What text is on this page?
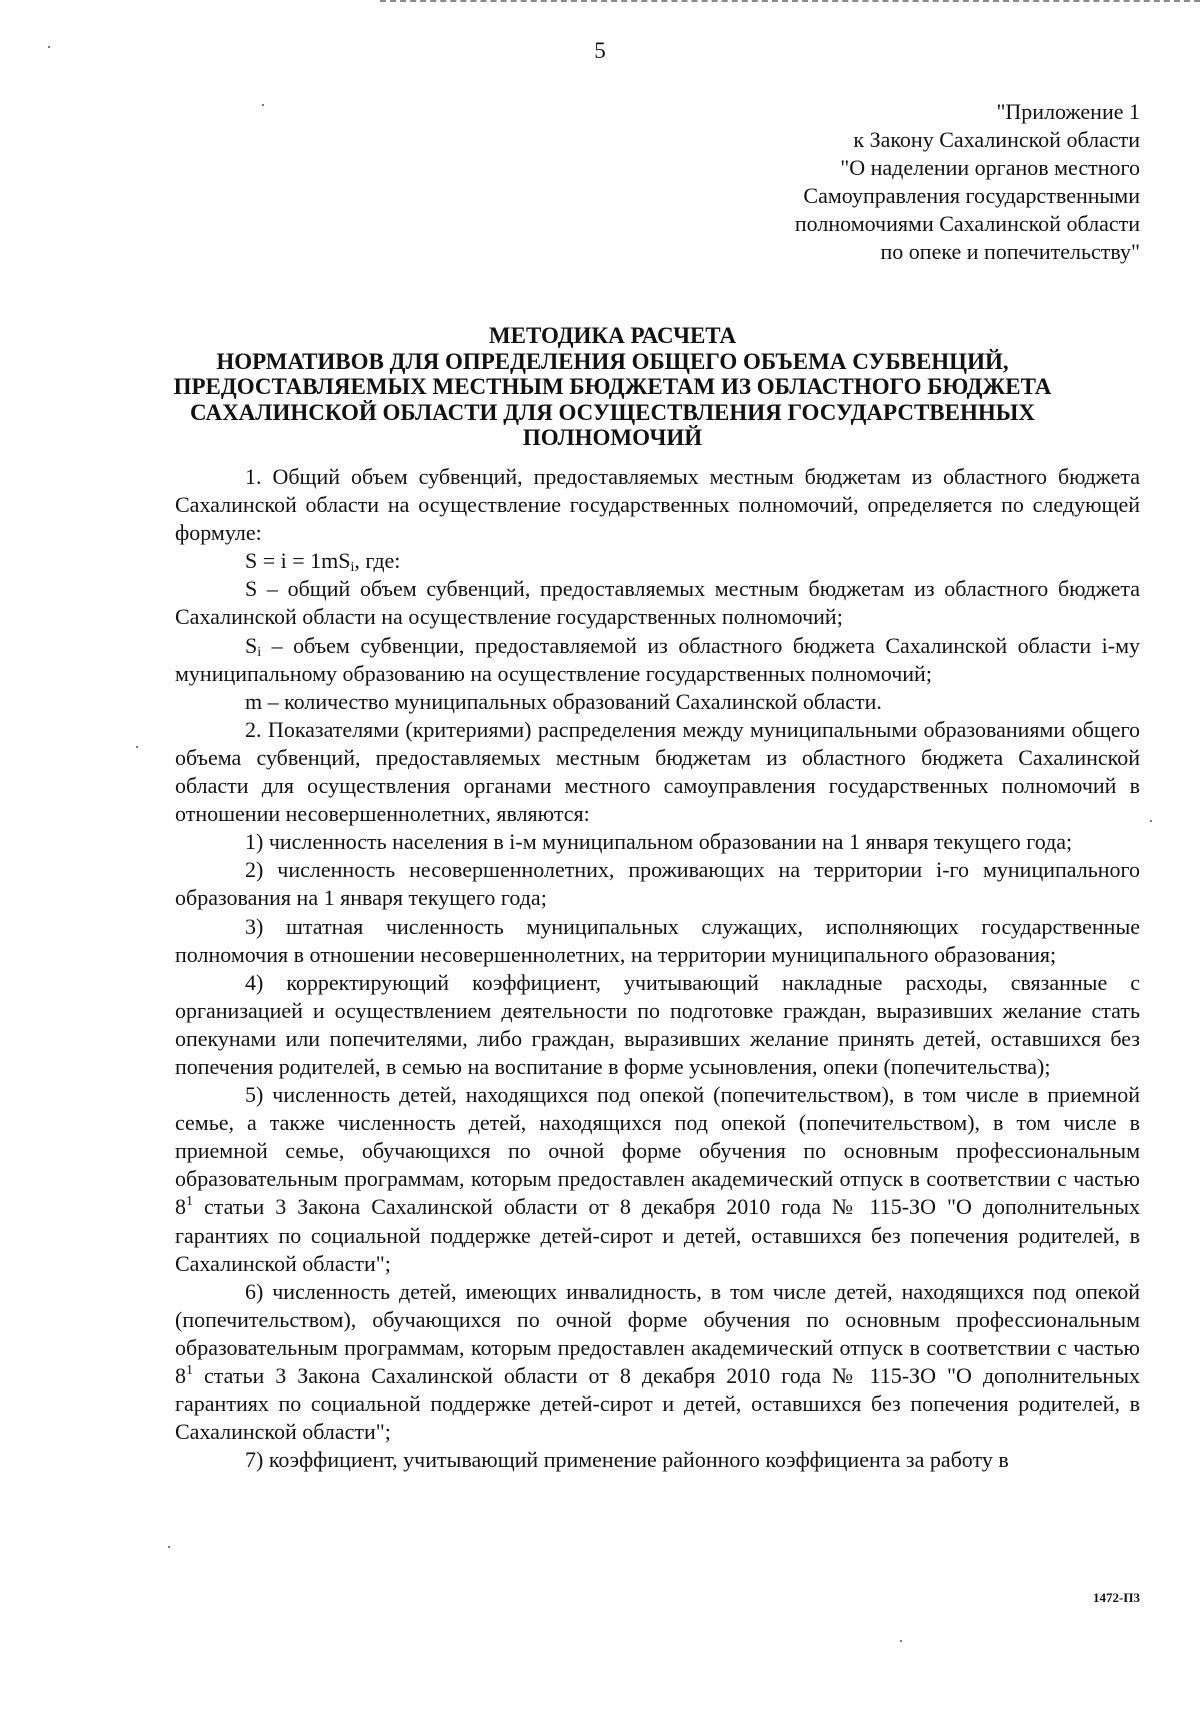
5
"Приложение 1
к Закону Сахалинской области
"О наделении органов местного
Самоуправления государственными
полномочиями Сахалинской области
по опеке и попечительству"
МЕТОДИКА РАСЧЕТА
НОРМАТИВОВ ДЛЯ ОПРЕДЕЛЕНИЯ ОБЩЕГО ОБЪЕМА СУБВЕНЦИЙ,
ПРЕДОСТАВЛЯЕМЫХ МЕСТНЫМ БЮДЖЕТАМ ИЗ ОБЛАСТНОГО БЮДЖЕТА
САХАЛИНСКОЙ ОБЛАСТИ ДЛЯ ОСУЩЕСТВЛЕНИЯ ГОСУДАРСТВЕННЫХ
ПОЛНОМОЧИЙ

1. Общий объем субвенций, предоставляемых местным бюджетам из областного бюджета Сахалинской области на осуществление государственных полномочий, определяется по следующей формуле:

$S = i = 1mS_i$, где:

S – общий объем субвенций, предоставляемых местным бюджетам из областного бюджета Сахалинской области на осуществление государственных полномочий;

$S_i$ – объем субвенции, предоставляемой из областного бюджета Сахалинской области i-му муниципальному образованию на осуществление государственных полномочий;

m – количество муниципальных образований Сахалинской области.

2. Показателями (критериями) распределения между муниципальными образованиями общего объема субвенций, предоставляемых местным бюджетам из областного бюджета Сахалинской области для осуществления органами местного самоуправления государственных полномочий в отношении несовершеннолетних, являются:

1) численность населения в i-м муниципальном образовании на 1 января текущего года;

2) численность несовершеннолетних, проживающих на территории i-го муниципального образования на 1 января текущего года;

3) штатная численность муниципальных служащих, исполняющих государственные полномочия в отношении несовершеннолетних, на территории муниципального образования;

4) корректирующий коэффициент, учитывающий накладные расходы, связанные с организацией и осуществлением деятельности по подготовке граждан, выразивших желание стать опекунами или попечителями, либо граждан, выразивших желание принять детей, оставшихся без попечения родителей, в семью на воспитание в форме усыновления, опеки (попечительства);

5) численность детей, находящихся под опекой (попечительством), в том числе в приемной семье, а также численность детей, находящихся под опекой (попечительством), в том числе в приемной семье, обучающихся по очной форме обучения по основным профессиональным образовательным программам, которым предоставлен академический отпуск в соответствии с частью $8^1$ статьи 3 Закона Сахалинской области от 8 декабря 2010 года № 115-ЗО "О дополнительных гарантиях по социальной поддержке детей-сирот и детей, оставшихся без попечения родителей, в Сахалинской области";

6) численность детей, имеющих инвалидность, в том числе детей, находящихся под опекой (попечительством), обучающихся по очной форме обучения по основным профессиональным образовательным программам, которым предоставлен академический отпуск в соответствии с частью $8^1$ статьи 3 Закона Сахалинской области от 8 декабря 2010 года № 115-ЗО "О дополнительных гарантиях по социальной поддержке детей-сирот и детей, оставшихся без попечения родителей, в Сахалинской области";

7) коэффициент, учитывающий применение районного коэффициента за работу в

1472-П3
